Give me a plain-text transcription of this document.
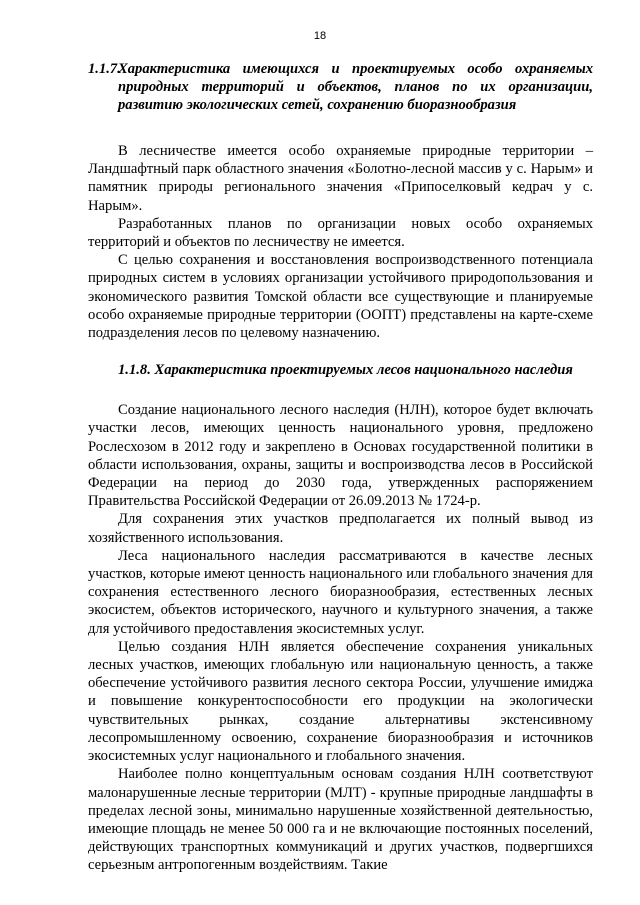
18

1.1.7.Характеристика имеющихся и проектируемых особо охраняемых природных территорий и объектов, планов по их организации, развитию экологических сетей, сохранению биоразнообразия

В лесничестве имеется особо охраняемые природные территории – Ландшафтный парк областного значения «Болотно-лесной массив у с. Нарым» и памятник природы регионального значения «Припоселковый кедрач у с. Нарым».

Разработанных планов по организации новых особо охраняемых территорий и объектов по лесничеству не имеется.

С целью сохранения и восстановления воспроизводственного потенциала природных систем в условиях организации устойчивого природопользования и экономического развития Томской области все существующие и планируемые особо охраняемые природные территории (ООПТ) представлены на карте-схеме подразделения лесов по целевому назначению.

1.1.8. Характеристика проектируемых лесов национального наследия

Создание национального лесного наследия (НЛН), которое будет включать участки лесов, имеющих ценность национального уровня, предложено Рослесхозом в 2012 году и закреплено в Основах государственной политики в области использования, охраны, защиты и воспроизводства лесов в Российской Федерации на период до 2030 года, утвержденных распоряжением Правительства Российской Федерации от 26.09.2013 № 1724-р.

Для сохранения этих участков предполагается их полный вывод из хозяйственного использования.

Леса национального наследия рассматриваются в качестве лесных участков, которые имеют ценность национального или глобального значения для сохранения естественного лесного биоразнообразия, естественных лесных экосистем, объектов исторического, научного и культурного значения, а также для устойчивого предоставления экосистемных услуг.

Целью создания НЛН является обеспечение сохранения уникальных лесных участков, имеющих глобальную или национальную ценность, а также обеспечение устойчивого развития лесного сектора России, улучшение имиджа и повышение конкурентоспособности его продукции на экологически чувствительных рынках, создание альтернативы экстенсивному лесопромышленному освоению, сохранение биоразнообразия и источников экосистемных услуг национального и глобального значения.

Наиболее полно концептуальным основам создания НЛН соответствуют малонарушенные лесные территории (МЛТ) - крупные природные ландшафты в пределах лесной зоны, минимально нарушенные хозяйственной деятельностью, имеющие площадь не менее 50 000 га и не включающие постоянных поселений, действующих транспортных коммуникаций и других участков, подвергшихся серьезным антропогенным воздействиям. Такие
